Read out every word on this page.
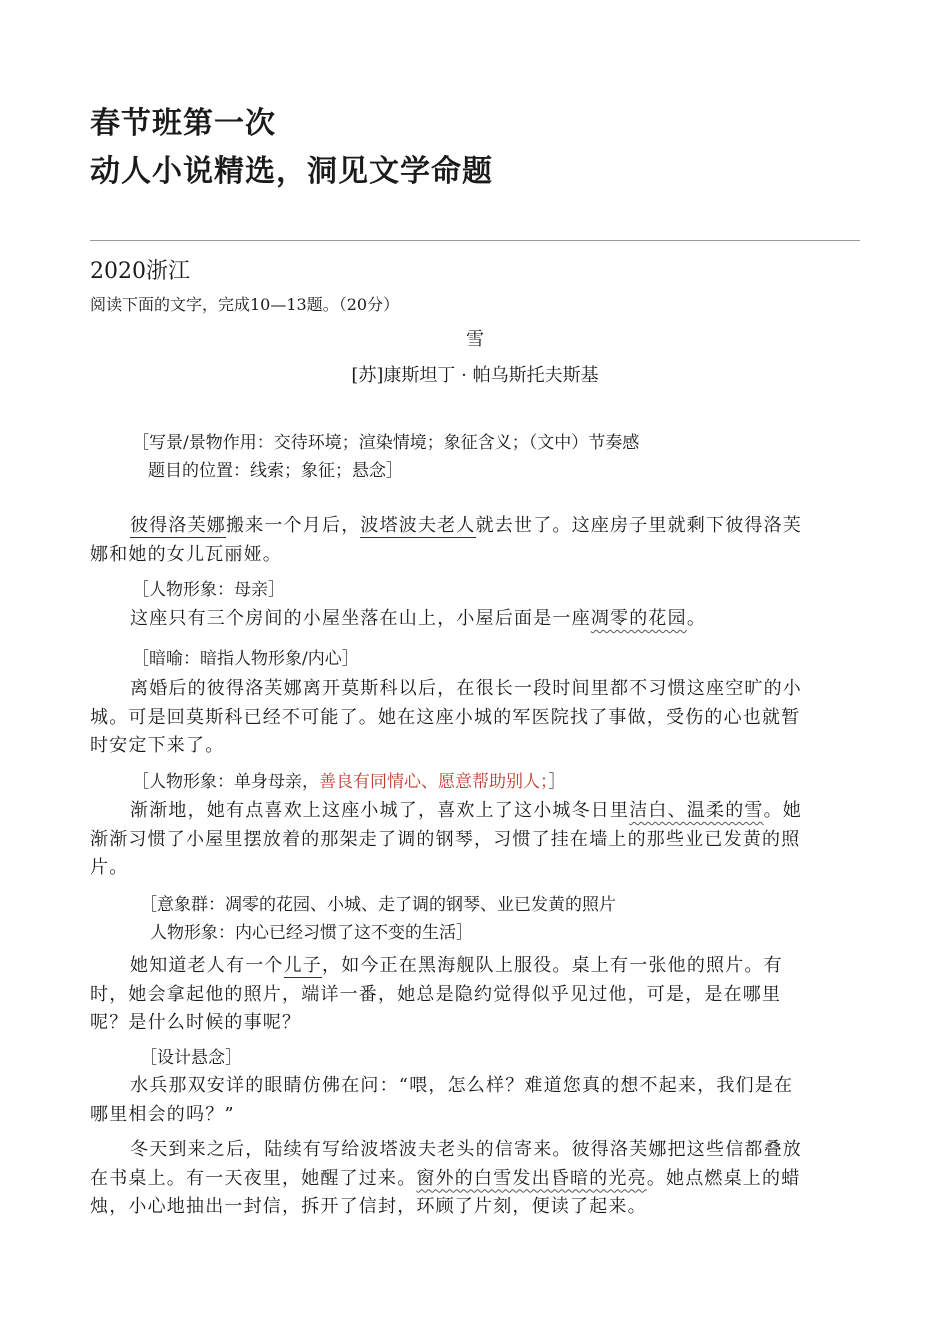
春节班第一次
动人小说精选，洞见文学命题
2020浙江
阅读下面的文字，完成10—13题。（20分）
雪
[苏]康斯坦丁 · 帕乌斯托夫斯基
［写景/景物作用：交待环境；渲染情境；象征含义；（文中）节奏感
题目的位置：线索；象征；悬念］
彼得洛芙娜搬来一个月后，波塔波夫老人就去世了。这座房子里就剩下彼得洛芙
娜和她的女儿瓦丽娅。
［人物形象：母亲］
这座只有三个房间的小屋坐落在山上，小屋后面是一座凋零的花园。
［暗喻：暗指人物形象/内心］
离婚后的彼得洛芙娜离开莫斯科以后，在很长一段时间里都不习惯这座空旷的小
城。可是回莫斯科已经不可能了。她在这座小城的军医院找了事做，受伤的心也就暂
时安定下来了。
［人物形象：单身母亲，善良有同情心、愿意帮助别人；］
渐渐地，她有点喜欢上这座小城了，喜欢上了这小城冬日里洁白、温柔的雪。她
渐渐习惯了小屋里摆放着的那架走了调的钢琴，习惯了挂在墙上的那些业已发黄的照
片。
［意象群：凋零的花园、小城、走了调的钢琴、业已发黄的照片
人物形象：内心已经习惯了这不变的生活］
她知道老人有一个儿子，如今正在黑海舰队上服役。桌上有一张他的照片。有
时，她会拿起他的照片，端详一番，她总是隐约觉得似乎见过他，可是，是在哪里
呢？是什么时候的事呢？
［设计悬念］
水兵那双安详的眼睛仿佛在问：“喂，怎么样？难道您真的想不起来，我们是在
哪里相会的吗？”
冬天到来之后，陆续有写给波塔波夫老头的信寄来。彼得洛芙娜把这些信都叠放
在书桌上。有一天夜里，她醒了过来。窗外的白雪发出昏暗的光亮。她点燃桌上的蜡
烛，小心地抽出一封信，拆开了信封，环顾了片刻，便读了起来。
